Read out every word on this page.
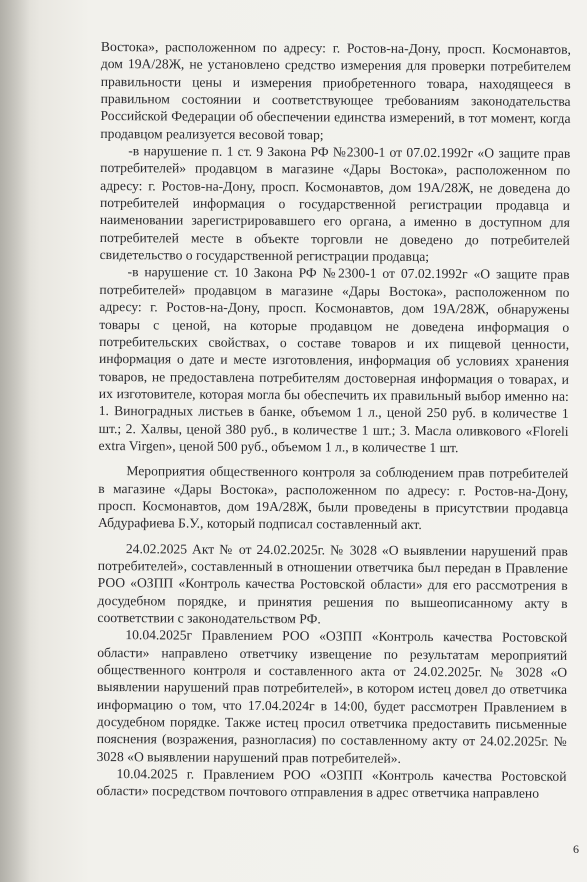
Востока», расположенном по адресу: г. Ростов-на-Дону, просп. Космонавтов, дом 19А/28Ж, не установлено средство измерения для проверки потребителем правильности цены и измерения приобретенного товара, находящееся в правильном состоянии и соответствующее требованиям законодательства Российской Федерации об обеспечении единства измерений, в тот момент, когда продавцом реализуется весовой товар;

-в нарушение п. 1 ст. 9 Закона РФ №2300-1 от 07.02.1992г «О защите прав потребителей» продавцом в магазине «Дары Востока», расположенном по адресу: г. Ростов-на-Дону, просп. Космонавтов, дом 19А/28Ж, не доведена до потребителей информация о государственной регистрации продавца и наименовании зарегистрировавшего его органа, а именно в доступном для потребителей месте в объекте торговли не доведено до потребителей свидетельство о государственной регистрации продавца;

-в нарушение ст. 10 Закона РФ №2300-1 от 07.02.1992г «О защите прав потребителей» продавцом в магазине «Дары Востока», расположенном по адресу: г. Ростов-на-Дону, просп. Космонавтов, дом 19А/28Ж, обнаружены товары с ценой, на которые продавцом не доведена информация о потребительских свойствах, о составе товаров и их пищевой ценности, информация о дате и месте изготовления, информация об условиях хранения товаров, не предоставлена потребителям достоверная информация о товарах, и их изготовителе, которая могла бы обеспечить их правильный выбор именно на: 1. Виноградных листьев в банке, объемом 1 л., ценой 250 руб. в количестве 1 шт.; 2. Халвы, ценой 380 руб., в количестве 1 шт.; 3. Масла оливкового «Floreli extra Virgen», ценой 500 руб., объемом 1 л., в количестве 1 шт.

Мероприятия общественного контроля за соблюдением прав потребителей в магазине «Дары Востока», расположенном по адресу: г. Ростов-на-Дону, просп. Космонавтов, дом 19А/28Ж, были проведены в присутствии продавца Абдурафиева Б.У., который подписал составленный акт.

24.02.2025 Акт № от 24.02.2025г. № 3028 «О выявлении нарушений прав потребителей», составленный в отношении ответчика был передан в Правление РОО «ОЗПП «Контроль качества Ростовской области» для его рассмотрения в досудебном порядке, и принятия решения по вышеописанному акту в соответствии с законодательством РФ.

10.04.2025г Правлением РОО «ОЗПП «Контроль качества Ростовской области» направлено ответчику извещение по результатам мероприятий общественного контроля и составленного акта от 24.02.2025г. № 3028 «О выявлении нарушений прав потребителей», в котором истец довел до ответчика информацию о том, что 17.04.2024г в 14:00, будет рассмотрен Правлением в досудебном порядке. Также истец просил ответчика предоставить письменные пояснения (возражения, разногласия) по составленному акту от 24.02.2025г. № 3028 «О выявлении нарушений прав потребителей».

10.04.2025 г. Правлением РОО «ОЗПП «Контроль качества Ростовской области» посредством почтового отправления в адрес ответчика направлено

6
